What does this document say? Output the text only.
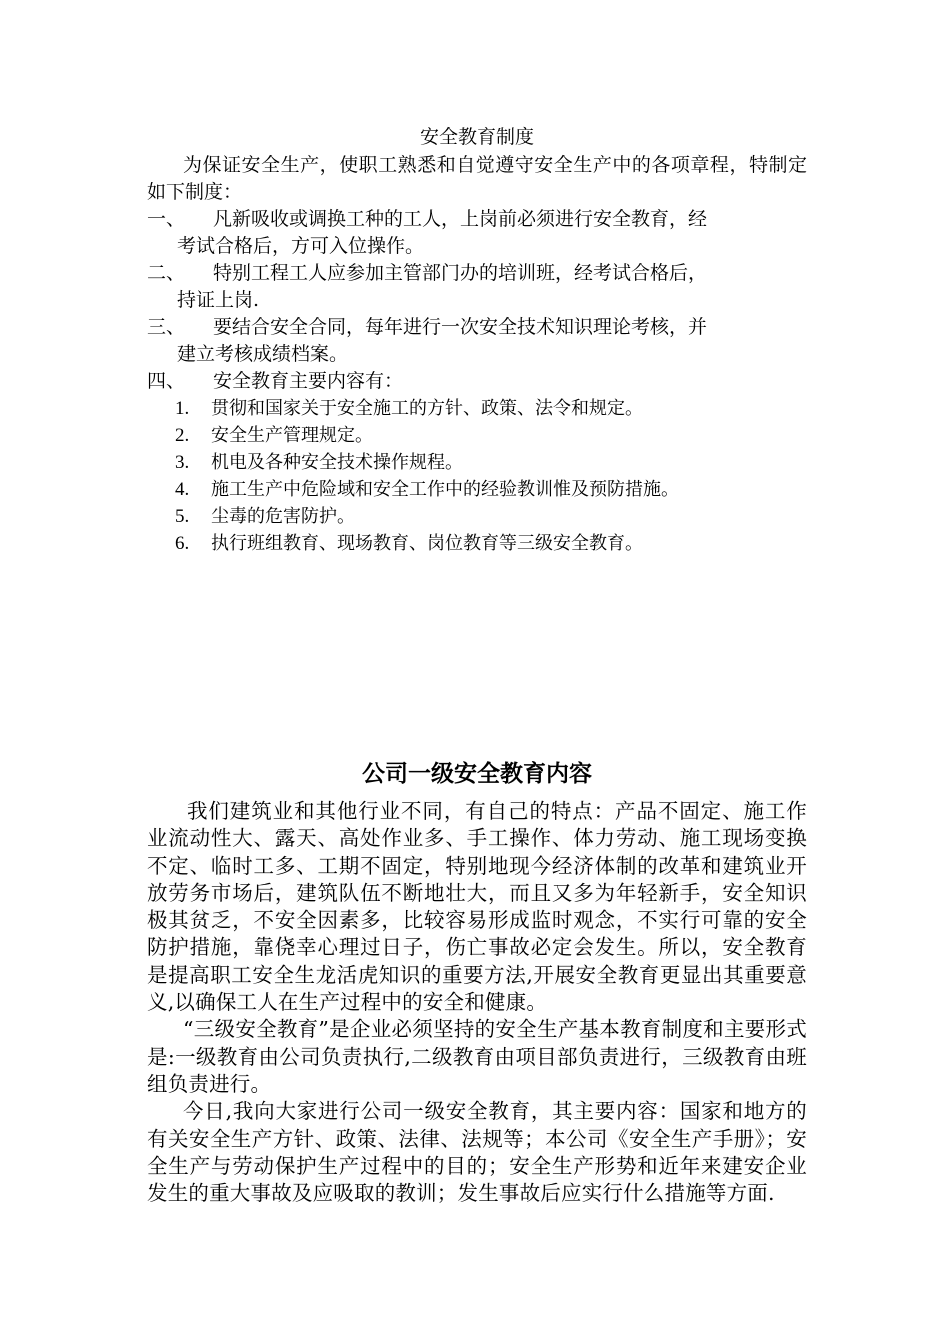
安全教育制度

为保证安全生产，使职工熟悉和自觉遵守安全生产中的各项章程，特制定如下制度：

一、	凡新吸收或调换工种的工人，上岗前必须进行安全教育，经

考试合格后，方可入位操作。

二、	特别工程工人应参加主管部门办的培训班，经考试合格后，

持证上岗.

三、	要结合安全合同，每年进行一次安全技术知识理论考核，并

建立考核成绩档案。

四、	安全教育主要内容有：
1.	贯彻和国家关于安全施工的方针、政策、法令和规定。
2.	安全生产管理规定。
3.	机电及各种安全技术操作规程。
4.	施工生产中危险域和安全工作中的经验教训惟及预防措施。
5.	尘毒的危害防护。
6.	执行班组教育、现场教育、岗位教育等三级安全教育。

公司一级安全教育内容

我们建筑业和其他行业不同，有自己的特点：产品不固定、施工作业流动性大、露天、高处作业多、手工操作、体力劳动、施工现场变换不定、临时工多、工期不固定，特别地现今经济体制的改革和建筑业开放劳务市场后，建筑队伍不断地壮大，而且又多为年轻新手，安全知识极其贫乏，不安全因素多，比较容易形成监时观念，不实行可靠的安全防护措施，靠侥幸心理过日子，伤亡事故必定会发生。所以，安全教育是提高职工安全生龙活虎知识的重要方法,开展安全教育更显出其重要意义,以确保工人在生产过程中的安全和健康。

“三级安全教育”是企业必须坚持的安全生产基本教育制度和主要形式是:一级教育由公司负责执行,二级教育由项目部负责进行，三级教育由班组负责进行。

今日,我向大家进行公司一级安全教育，其主要内容：国家和地方的有关安全生产方针、政策、法律、法规等；本公司《安全生产手册》；安全生产与劳动保护生产过程中的目的；安全生产形势和近年来建安企业发生的重大事故及应吸取的教训；发生事故后应实行什么措施等方面.
